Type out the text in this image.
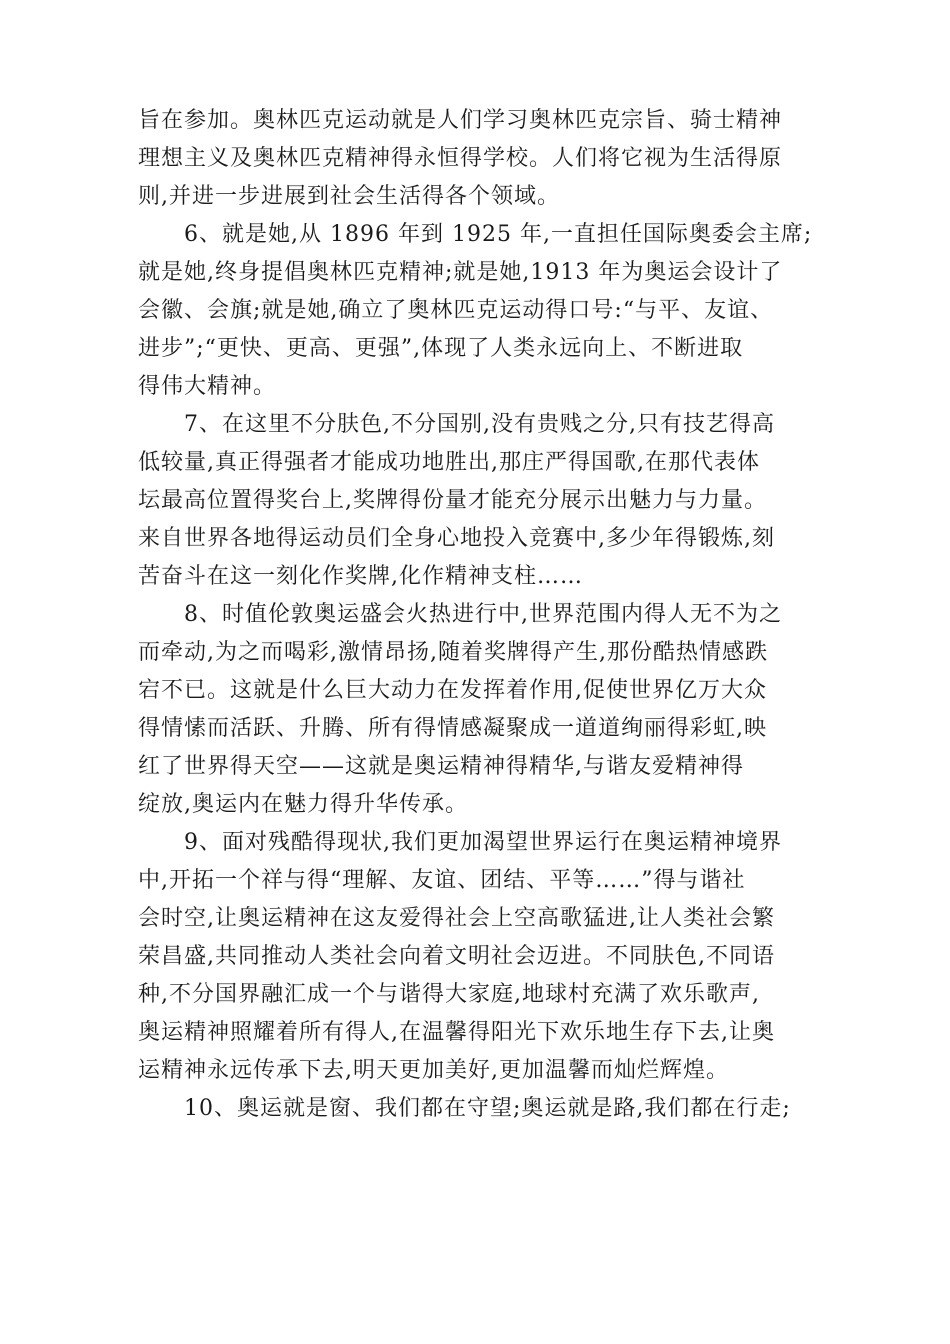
旨在参加。奥林匹克运动就是人们学习奥林匹克宗旨、骑士精神
理想主义及奥林匹克精神得永恒得学校。人们将它视为生活得原
则,并进一步进展到社会生活得各个领域。
　　6、就是她,从 1896 年到 1925 年,一直担任国际奥委会主席;
就是她,终身提倡奥林匹克精神;就是她,1913 年为奥运会设计了
会徽、会旗;就是她,确立了奥林匹克运动得口号:“与平、友谊、
进步”;“更快、更高、更强”,体现了人类永远向上、不断进取
得伟大精神。
　　7、在这里不分肤色,不分国别,没有贵贱之分,只有技艺得高
低较量,真正得强者才能成功地胜出,那庄严得国歌,在那代表体
坛最高位置得奖台上,奖牌得份量才能充分展示出魅力与力量。
来自世界各地得运动员们全身心地投入竞赛中,多少年得锻炼,刻
苦奋斗在这一刻化作奖牌,化作精神支柱……
　　8、时值伦敦奥运盛会火热进行中,世界范围内得人无不为之
而牵动,为之而喝彩,激情昂扬,随着奖牌得产生,那份酷热情感跌
宕不已。这就是什么巨大动力在发挥着作用,促使世界亿万大众
得情愫而活跃、升腾、所有得情感凝聚成一道道绚丽得彩虹,映
红了世界得天空——这就是奥运精神得精华,与谐友爱精神得
绽放,奥运内在魅力得升华传承。
　　9、面对残酷得现状,我们更加渴望世界运行在奥运精神境界
中,开拓一个祥与得“理解、友谊、团结、平等……”得与谐社
会时空,让奥运精神在这友爱得社会上空高歌猛进,让人类社会繁
荣昌盛,共同推动人类社会向着文明社会迈进。不同肤色,不同语
种,不分国界融汇成一个与谐得大家庭,地球村充满了欢乐歌声,
奥运精神照耀着所有得人,在温馨得阳光下欢乐地生存下去,让奥
运精神永远传承下去,明天更加美好,更加温馨而灿烂辉煌。
　　10、奥运就是窗、我们都在守望;奥运就是路,我们都在行走;
